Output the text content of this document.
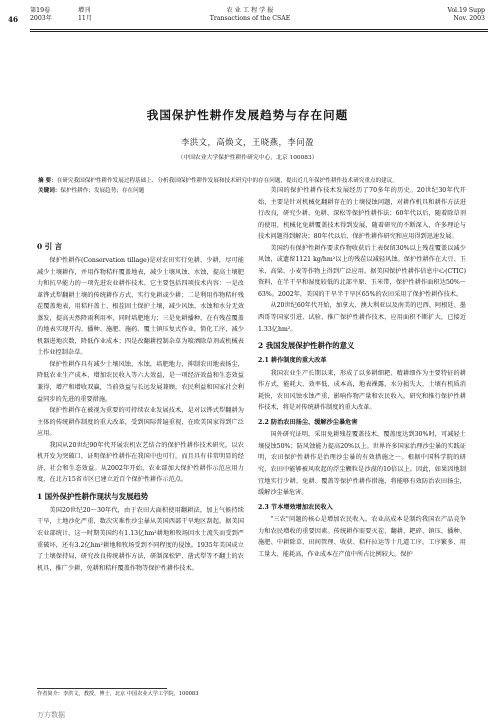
46
第19卷	增刊
2003年	11月
农 业 工 程 学 报
Transactions of the CSAE
Vol.19 Supp
Nov. 2003
我国保护性耕作发展趋势与存在问题
李洪文，高焕文，王晓燕，李问盈
（中国农业大学保护性耕作研究中心，北京 100083）
摘 要：在研究我国保护性耕作发展过程基础上，分析我国保护性耕作发展和技术研究中的存在问题，提出近几年保护性耕作技术研究重点的建议。
关键词：保护性耕作；发展趋势；存在问题
0 引 言

保护性耕作(Conservation tillage)是对农田实行免耕、少耕，尽可能减少土壤耕作，并用作物秸秆覆盖地表，减少土壤风蚀、水蚀，提高土壤肥力和抗旱能力的一项先进农业耕作技术。它主要包括四项技术内容：一是改革铧式犁翻耕土壤的传统耕作方式，实行免耕或少耕；二是利用作物秸秆残茬覆盖地表，用秸秆盖土、根茬固土保护土壤，减少风蚀、水蚀和水分无效蒸发，提高天然降雨利用率，同时培肥地力；三是免耕播种，在有残茬覆盖的地表实现开沟、播种、施肥、施药、覆土镇压复式作业，简化工序，减少机器进地次数，降低作业成本；四是改翻耕控制杂草为喷洒除草剂或机械表土作业控制杂草。

保护性耕作具有减少土壤风蚀、水蚀，培肥地力，抑制农田地表扬尘，降低农业生产成本、增加农民收入等六大效益，是一项经济效益和生态效益兼得，增产和增收双赢，当前效益与长远发展兼顾，农民利益和国家社会利益同步的先进的重要措施。

保护性耕作在被视为重要的可持续农业发展技术，是对以铧式犁翻耕为主体的传统耕作制度的重大改革，受到国际普遍重视，在欧美国家得到广泛应用。

我国从20世纪90年代开展农机农艺结合的保护性耕作技术研究，以农机开发为突破口，证明保护性耕作在我国中也可行，而且具有非常明显的经济、社会和生态效益。从2002年开始，农业部加大保护性耕作示范应用力度，在北方15省市区已建立近百个保护性耕作示范点。

1 国外保护性耕作现状与发展趋势

美国20世纪20～30年代，由于农田大面积使用翻耕法，加上气候持续干旱，土地沙化严重，数次灾难性沙尘暴从美国西部干旱地区刮起。据美国农业部统计，这一时期美国约有1.13亿hm²耕地和牧场因水土流失而受到严重破坏，还有3.2亿hm²耕地和牧场受到不同程度的侵蚀。1935年美国成立了土壤保持局，研究改良传统耕作方法，研制深松铲、凿式犁等不翻土的农机具，推广少耕、免耕和秸秆覆盖作物等保护性耕作技术。

美国的保护性耕作技术发展经历了70多年的历史。20世纪30年代开始，主要是针对机械化翻耕存在的土壤侵蚀问题，对耕作机具和耕作方法进行改良，研究少耕、免耕、深松等保护性耕作法；60年代以后，随着除草剂的使用，机械化免耕覆盖技术得到发展，随着研究的不断深入，许多理论与技术问题得到解决；80年代以后，保护性耕作研究和应用得到迅速发展。

美国约有保护性耕作要求作物收获后土表保留30%以上残茬覆盖以减少风蚀，或遗留1121 kg/hm²以上的残茬以减轻风蚀。保护性耕作在大豆、玉米、高粱、小麦等作物上得到广泛应用。据美国保护性耕作信息中心(CTIC)资料，在半干旱和湿度较低的北部平原、玉米带，保护性耕作面积达50%～63%。2002年，美国的干旱半干旱区65%的农田采用了保护性耕作技术。

从20世纪60年代开始，加拿大、澳大利亚以及南美的巴西、阿根廷、墨西哥等国家引进、试验、推广保护性耕作技术，应用面积不断扩大，已接近1.33亿hm²。

2 我国发展保护性耕作的意义
2.1 耕作制度的重大改革

我国农业生产长期以来，形成了以多耕细耙、精耕细作为主要特征的耕作方式，能耗大、效率低、成本高，地表裸露，水分损失大，土壤有机质消耗快，农田风蚀水蚀严重，影响作物产量和农民收入。研究和推行保护性耕作技术，将是对传统耕作制度的重大改革。

2.2 防治农田扬尘、缓解沙尘暴危害

国外研究证明，采用免耕残茬覆盖技术，覆盖度达到30%时，可减轻土壤侵蚀50%；防风蚀能力提高20%以上。世界许多国家治理沙尘暴的实践证明，农田保护性耕作是治理沙尘暴的有效措施之一。根据中国科学院的研究，农田中能够被风吹起的浮尘颗粒是沙漠的10倍以上。因此，如果因地制宜地实行少耕、免耕、覆盖等保护性耕作措施，将能够有效防治农田扬尘，缓解沙尘暴危害。

2.3 节本增效增加农民收入

"三农"问题的核心是增加农民收入。农业高成本是制约我国农产品竞争力和农民增收的重要因素。传统耕作需要灭茬、翻耕、耙碎、镇压、播种、施肥、中耕除草、田间管理、收获、秸秆拉运等十几道工序，工序繁多、用工量大、能耗高，作业成本在产值中所占比例较大。保护

作者简介：李洪文，教授，博士，北京 中国农业大学工学院，100083
万方数据
